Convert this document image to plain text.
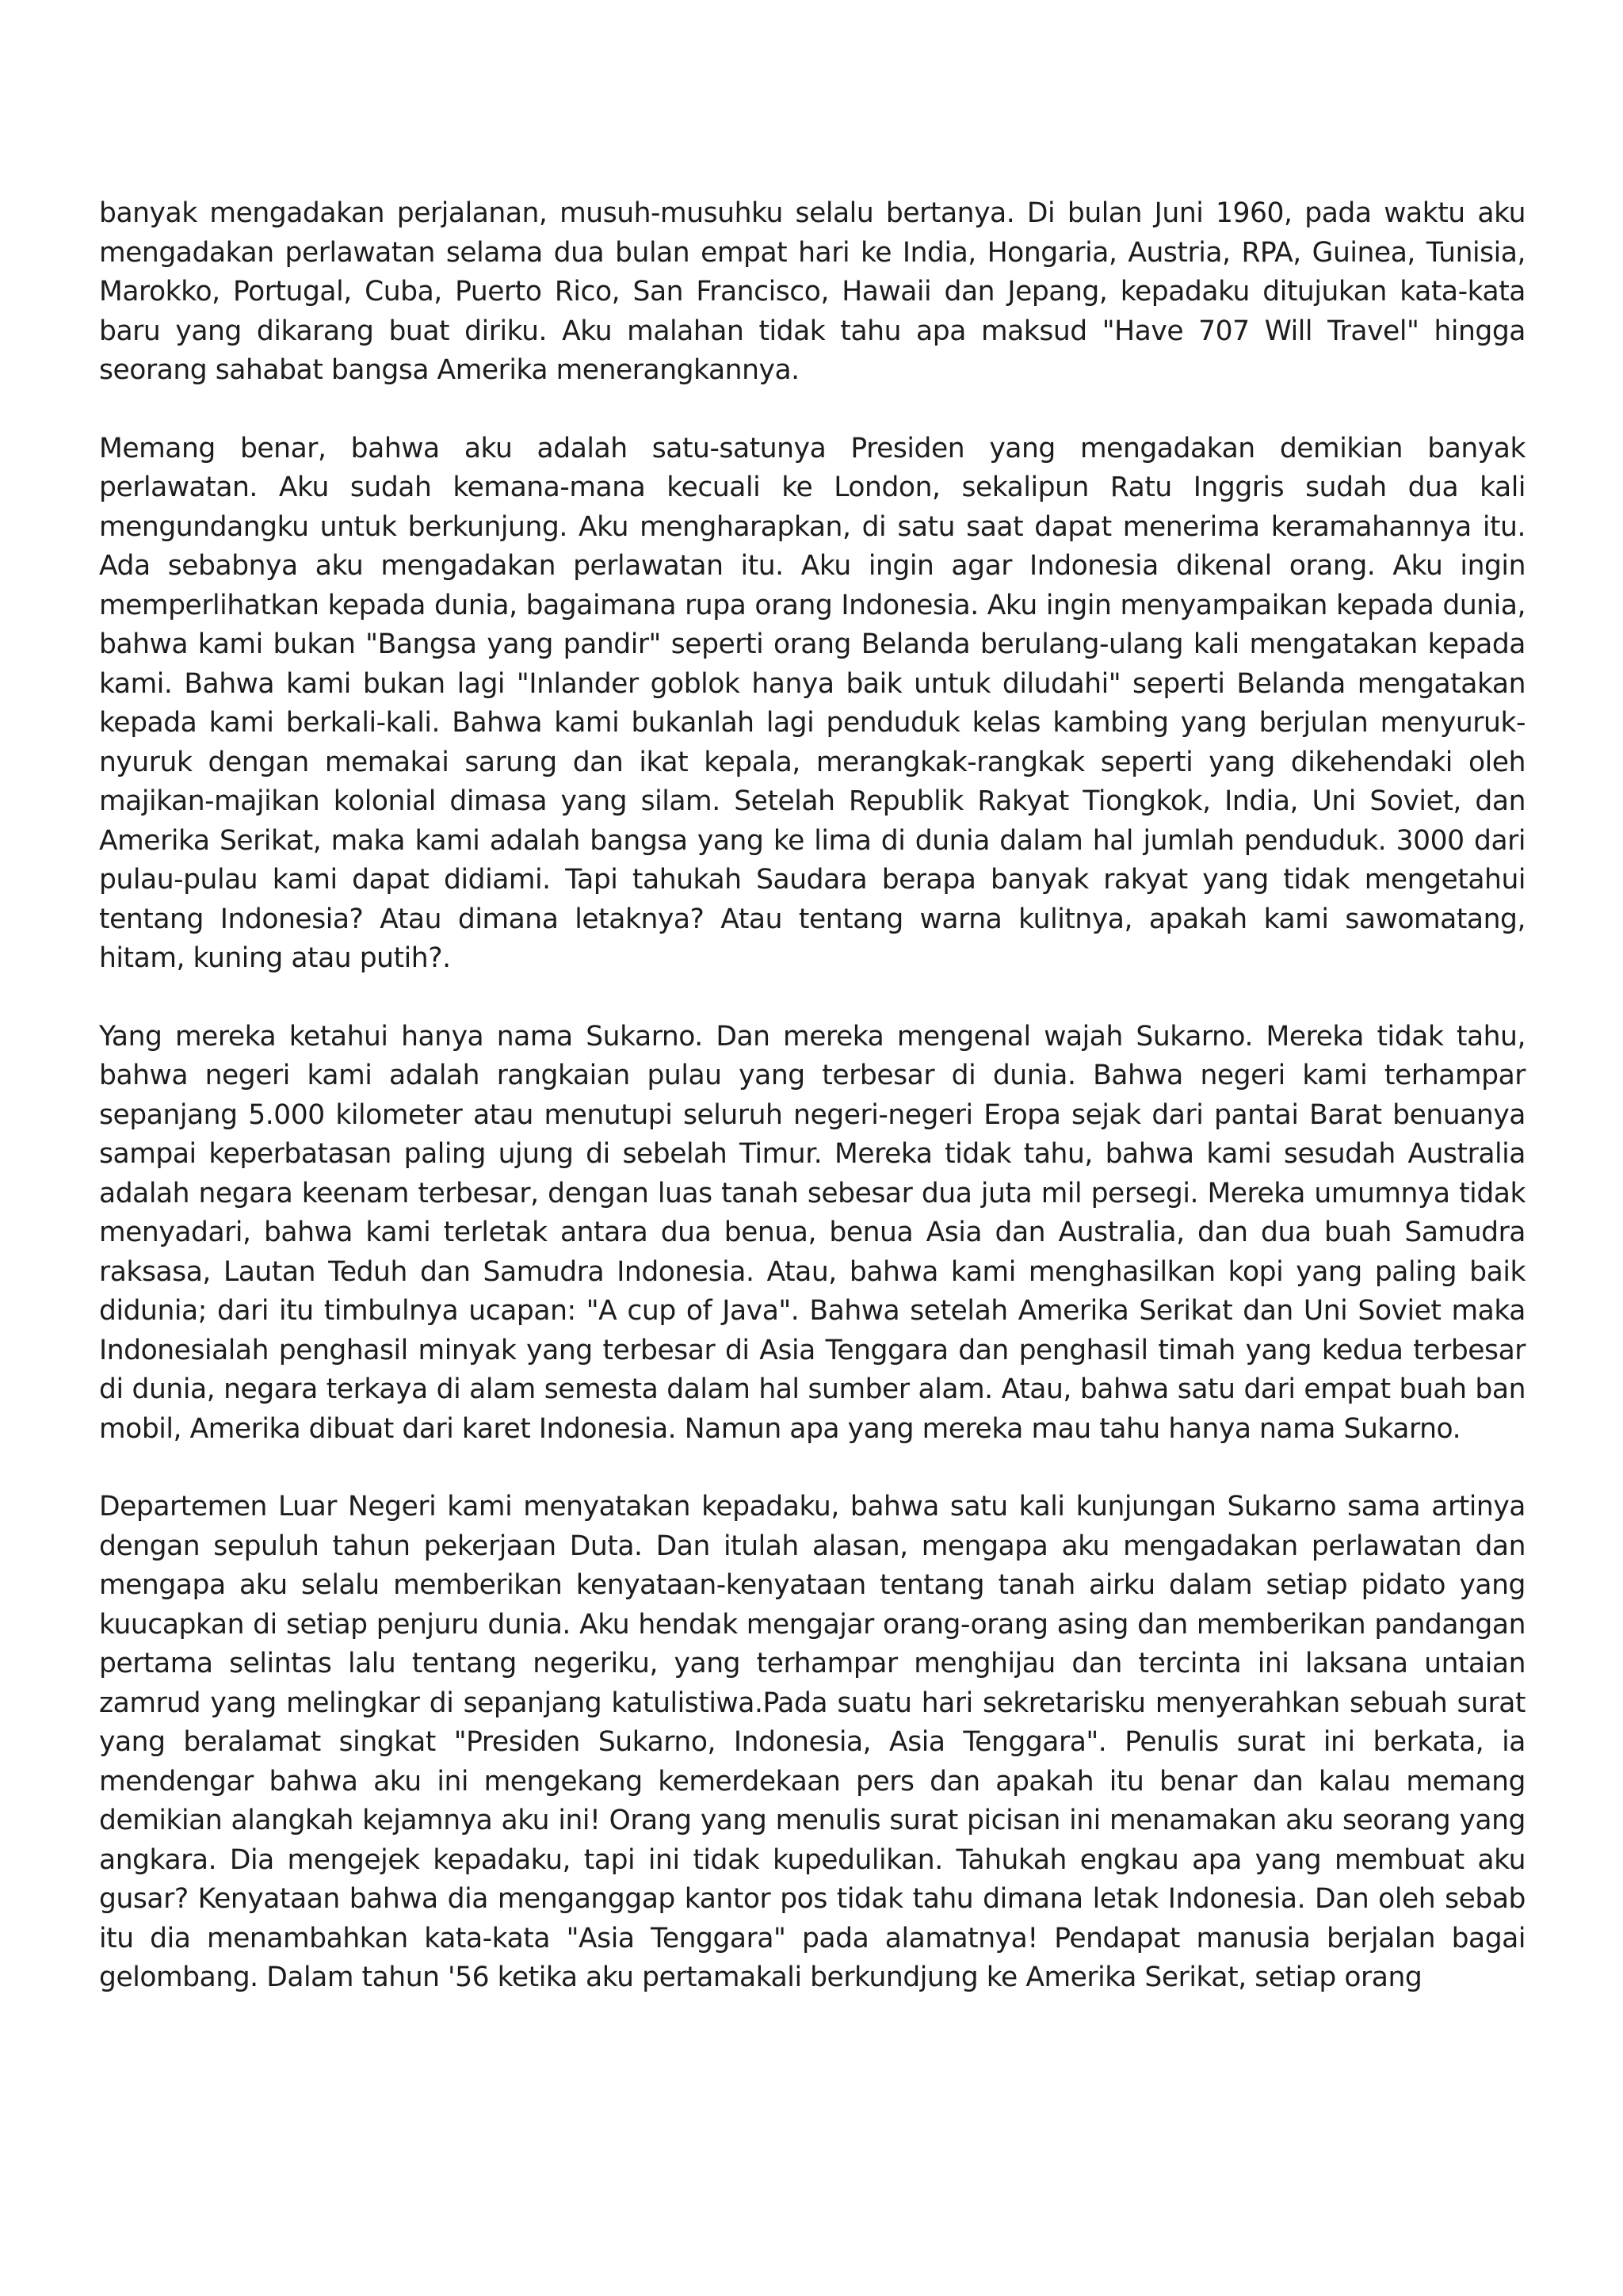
banyak mengadakan perjalanan, musuh-musuhku selalu bertanya. Di bulan Juni 1960, pada waktu aku mengadakan perlawatan selama dua bulan empat hari ke India, Hongaria, Austria, RPA, Guinea, Tunisia, Marokko, Portugal, Cuba, Puerto Rico, San Francisco, Hawaii dan Jepang, kepadaku ditujukan kata-kata baru yang dikarang buat diriku. Aku malahan tidak tahu apa maksud "Have 707 Will Travel" hingga seorang sahabat bangsa Amerika menerangkannya.

Memang benar, bahwa aku adalah satu-satunya Presiden yang mengadakan demikian banyak perlawatan. Aku sudah kemana-mana kecuali ke London, sekalipun Ratu Inggris sudah dua kali mengundangku untuk berkunjung. Aku mengharapkan, di satu saat dapat menerima keramahannya itu. Ada sebabnya aku mengadakan perlawatan itu. Aku ingin agar Indonesia dikenal orang. Aku ingin memperlihatkan kepada dunia, bagaimana rupa orang Indonesia. Aku ingin menyampaikan kepada dunia, bahwa kami bukan "Bangsa yang pandir" seperti orang Belanda berulang-ulang kali mengatakan kepada kami. Bahwa kami bukan lagi "Inlander goblok hanya baik untuk diludahi" seperti Belanda mengatakan kepada kami berkali-kali. Bahwa kami bukanlah lagi penduduk kelas kambing yang berjulan menyuruk-nyuruk dengan memakai sarung dan ikat kepala, merangkak-rangkak seperti yang dikehendaki oleh majikan-majikan kolonial dimasa yang silam. Setelah Republik Rakyat Tiongkok, India, Uni Soviet, dan Amerika Serikat, maka kami adalah bangsa yang ke lima di dunia dalam hal jumlah penduduk. 3000 dari pulau-pulau kami dapat didiami. Tapi tahukah Saudara berapa banyak rakyat yang tidak mengetahui tentang Indonesia? Atau dimana letaknya? Atau tentang warna kulitnya, apakah kami sawomatang, hitam, kuning atau putih?.

Yang mereka ketahui hanya nama Sukarno. Dan mereka mengenal wajah Sukarno. Mereka tidak tahu, bahwa negeri kami adalah rangkaian pulau yang terbesar di dunia. Bahwa negeri kami terhampar sepanjang 5.000 kilometer atau menutupi seluruh negeri-negeri Eropa sejak dari pantai Barat benuanya sampai keperbatasan paling ujung di sebelah Timur. Mereka tidak tahu, bahwa kami sesudah Australia adalah negara keenam terbesar, dengan luas tanah sebesar dua juta mil persegi. Mereka umumnya tidak menyadari, bahwa kami terletak antara dua benua, benua Asia dan Australia, dan dua buah Samudra raksasa, Lautan Teduh dan Samudra Indonesia. Atau, bahwa kami menghasilkan kopi yang paling baik didunia; dari itu timbulnya ucapan: "A cup of Java". Bahwa setelah Amerika Serikat dan Uni Soviet maka Indonesialah penghasil minyak yang terbesar di Asia Tenggara dan penghasil timah yang kedua terbesar di dunia, negara terkaya di alam semesta dalam hal sumber alam. Atau, bahwa satu dari empat buah ban mobil, Amerika dibuat dari karet Indonesia. Namun apa yang mereka mau tahu hanya nama Sukarno.

Departemen Luar Negeri kami menyatakan kepadaku, bahwa satu kali kunjungan Sukarno sama artinya dengan sepuluh tahun pekerjaan Duta. Dan itulah alasan, mengapa aku mengadakan perlawatan dan mengapa aku selalu memberikan kenyataan-kenyataan tentang tanah airku dalam setiap pidato yang kuucapkan di setiap penjuru dunia. Aku hendak mengajar orang-orang asing dan memberikan pandangan pertama selintas lalu tentang negeriku, yang terhampar menghijau dan tercinta ini laksana untaian zamrud yang melingkar di sepanjang katulistiwa.Pada suatu hari sekretarisku menyerahkan sebuah surat yang beralamat singkat "Presiden Sukarno, Indonesia, Asia Tenggara". Penulis surat ini berkata, ia mendengar bahwa aku ini mengekang kemerdekaan pers dan apakah itu benar dan kalau memang demikian alangkah kejamnya aku ini! Orang yang menulis surat picisan ini menamakan aku seorang yang angkara. Dia mengejek kepadaku, tapi ini tidak kupedulikan. Tahukah engkau apa yang membuat aku gusar? Kenyataan bahwa dia menganggap kantor pos tidak tahu dimana letak Indonesia. Dan oleh sebab itu dia menambahkan kata-kata "Asia Tenggara" pada alamatnya! Pendapat manusia berjalan bagai gelombang. Dalam tahun '56 ketika aku pertamakali berkundjung ke Amerika Serikat, setiap orang
